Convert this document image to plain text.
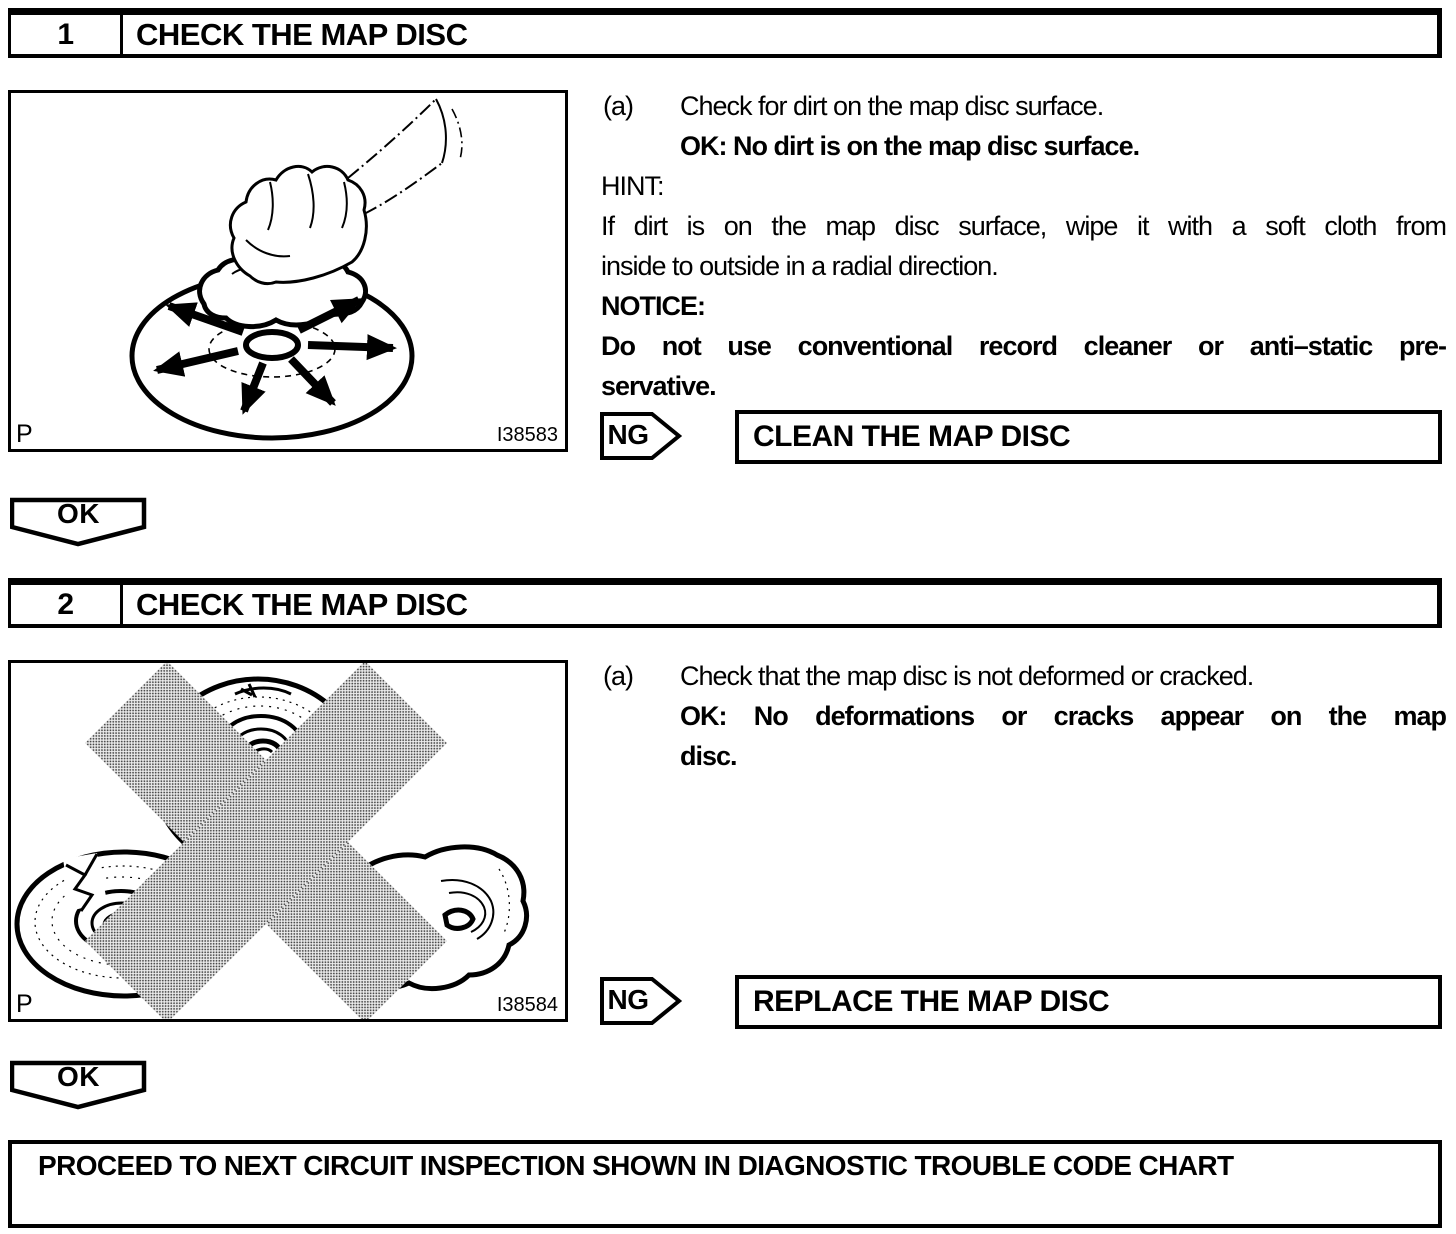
1	CHECK THE MAP DISC
P	I38583
(a) Check for dirt on the map disc surface.
OK: No dirt is on the map disc surface.
HINT:
If dirt is on the map disc surface, wipe it with a soft cloth from
inside to outside in a radial direction.
NOTICE:
Do not use conventional record cleaner or anti–static pre-
servative.
NG	CLEAN THE MAP DISC
OK
2	CHECK THE MAP DISC
P	I38584
(a) Check that the map disc is not deformed or cracked.
OK: No deformations or cracks appear on the map
disc.
NG	REPLACE THE MAP DISC
OK
PROCEED TO NEXT CIRCUIT INSPECTION SHOWN IN DIAGNOSTIC TROUBLE CODE CHART
